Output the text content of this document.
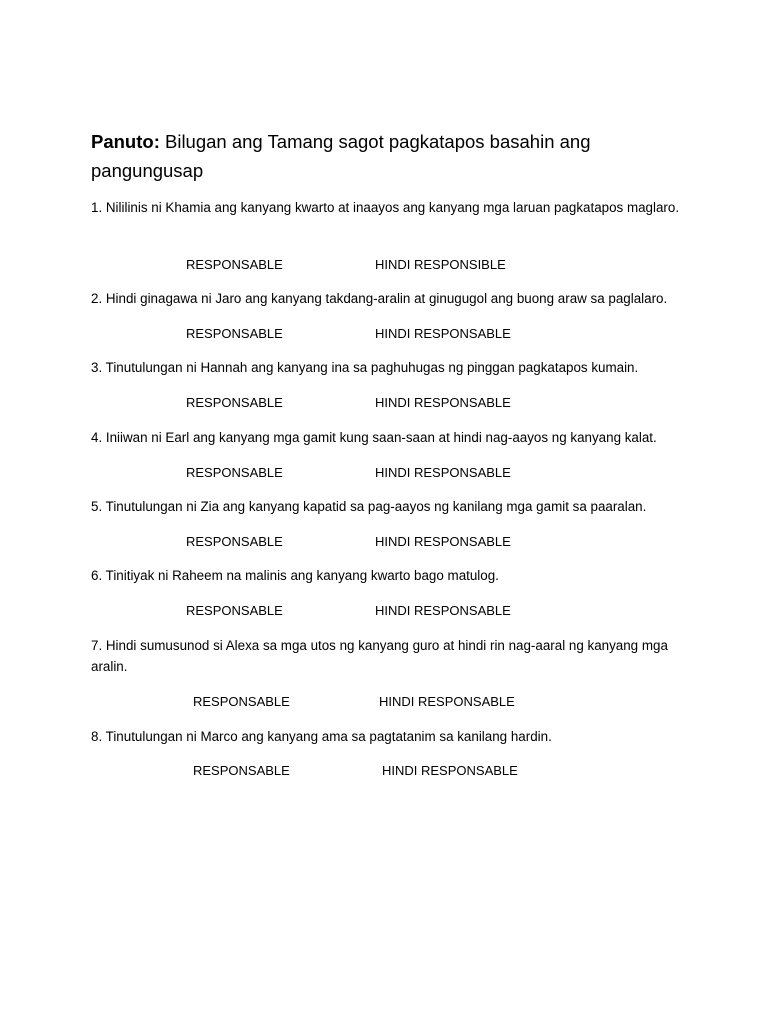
Panuto: Bilugan ang Tamang sagot pagkatapos basahin ang pangungusap

1. Nililinis ni Khamia ang kanyang kwarto at inaayos ang kanyang mga laruan pagkatapos maglaro.

RESPONSABLE	HINDI RESPONSIBLE

2. Hindi ginagawa ni Jaro ang kanyang takdang-aralin at ginugugol ang buong araw sa paglalaro.

RESPONSABLE	HINDI RESPONSABLE

3. Tinutulungan ni Hannah ang kanyang ina sa paghuhugas ng pinggan pagkatapos kumain.

RESPONSABLE	HINDI RESPONSABLE

4. Iniiwan ni Earl ang kanyang mga gamit kung saan-saan at hindi nag-aayos ng kanyang kalat.

RESPONSABLE	HINDI RESPONSABLE

5. Tinutulungan ni Zia ang kanyang kapatid sa pag-aayos ng kanilang mga gamit sa paaralan.

RESPONSABLE	HINDI RESPONSABLE

6. Tinitiyak ni Raheem na malinis ang kanyang kwarto bago matulog.

RESPONSABLE	HINDI RESPONSABLE

7. Hindi sumusunod si Alexa sa mga utos ng kanyang guro at hindi rin nag-aaral ng kanyang mga aralin.

RESPONSABLE	HINDI RESPONSABLE

8. Tinutulungan ni Marco ang kanyang ama sa pagtatanim sa kanilang hardin.

RESPONSABLE	HINDI RESPONSABLE
